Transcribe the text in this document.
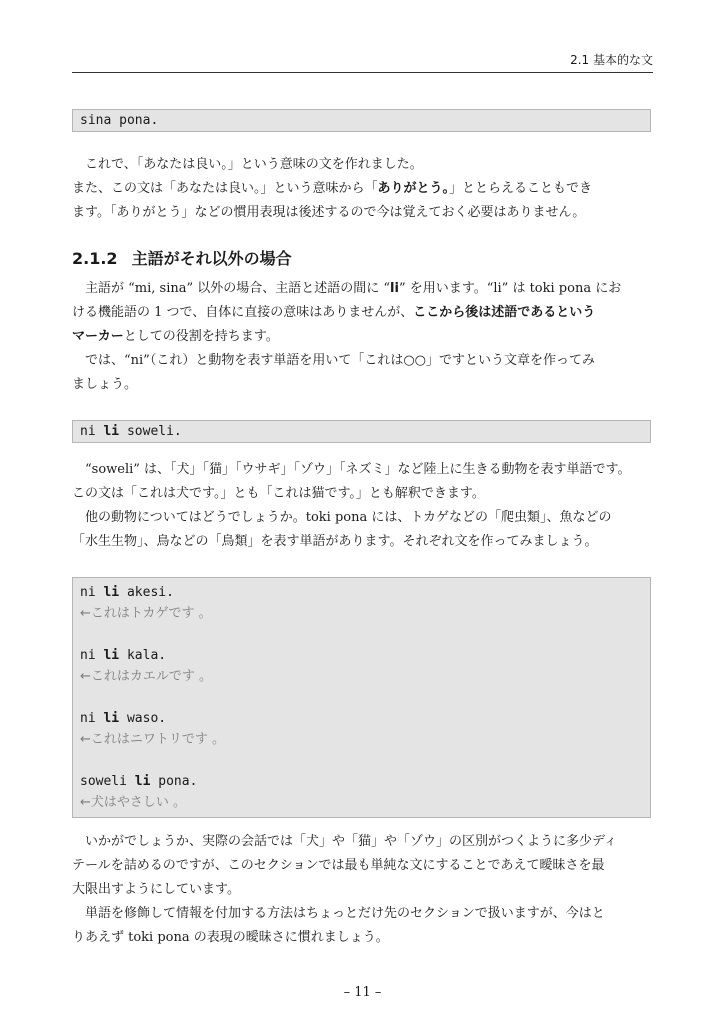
2.1 基本的な文
sina pona.

これで、「あなたは良い。」という意味の文を作れました。

また、この文は「あなたは良い。」という意味から「ありがとう。」ととらえることもでき

ます。「ありがとう」などの慣用表現は後述するので今は覚えておく必要はありません。

2.1.2 主語がそれ以外の場合

主語が “mi, sina” 以外の場合、主語と述語の間に “li” を用います。“li” は toki pona にお

ける機能語の 1 つで、自体に直接の意味はありませんが、ここから後は述語であるという

マーカーとしての役割を持ちます。

では、“ni”（これ）と動物を表す単語を用いて「これは○○」ですという文章を作ってみ

ましょう。

ni li soweli.

“soweli” は、「犬」「猫」「ウサギ」「ゾウ」「ネズミ」など陸上に生きる動物を表す単語です。

この文は「これは犬です。」とも「これは猫です。」とも解釈できます。

他の動物についてはどうでしょうか。toki pona には、トカゲなどの「爬虫類」、魚などの

「水生生物」、鳥などの「鳥類」を表す単語があります。それぞれ文を作ってみましょう。

ni li akesi.
←これはトカゲです 。
ni li kala.
←これはカエルです 。
ni li waso.
←これはニワトリです 。
soweli li pona.
←犬はやさしい 。

いかがでしょうか、実際の会話では「犬」や「猫」や「ゾウ」の区別がつくように多少ディ

テールを詰めるのですが、このセクションでは最も単純な文にすることであえて曖昧さを最

大限出すようにしています。

単語を修飾して情報を付加する方法はちょっとだけ先のセクションで扱いますが、今はと

りあえず toki pona の表現の曖昧さに慣れましょう。

– 11 –
